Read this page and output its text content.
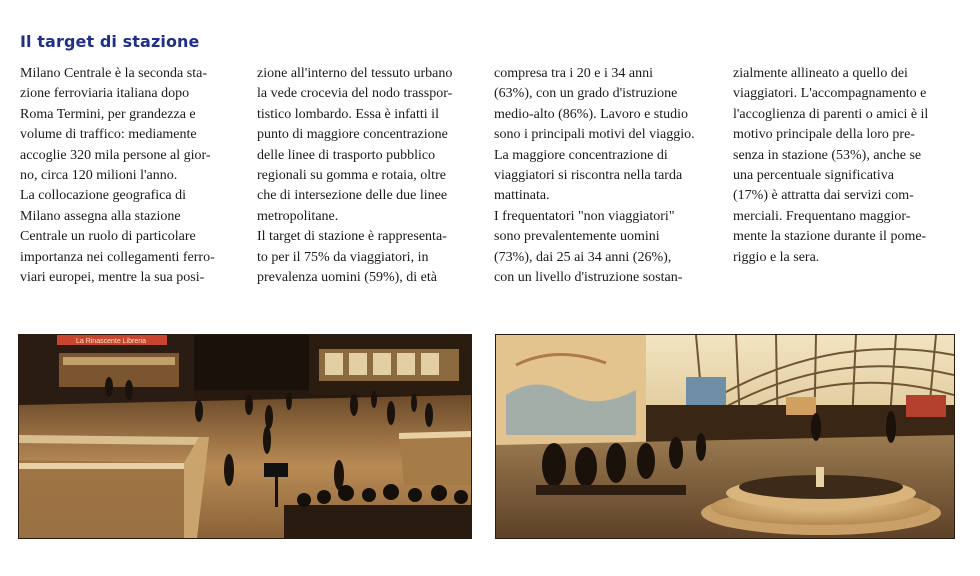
Il target di stazione

Milano Centrale è la seconda sta-
zione ferroviaria italiana dopo
Roma Termini, per grandezza e
volume di traffico: mediamente
accoglie 320 mila persone al gior-
no, circa 120 milioni l'anno.
La collocazione geografica di
Milano assegna alla stazione
Centrale un ruolo di particolare
importanza nei collegamenti ferro-
viari europei, mentre la sua posi-

zione all'interno del tessuto urbano
la vede crocevia del nodo trasspor-
tistico lombardo. Essa è infatti il
punto di maggiore concentrazione
delle linee di trasporto pubblico
regionali su gomma e rotaia, oltre
che di intersezione delle due linee
metropolitane.
Il target di stazione è rappresenta-
to per il 75% da viaggiatori, in
prevalenza uomini (59%), di età

compresa tra i 20 e i 34 anni
(63%), con un grado d'istruzione
medio-alto (86%). Lavoro e studio
sono i principali motivi del viaggio.
La maggiore concentrazione di
viaggiatori si riscontra nella tarda
mattinata.
I frequentatori "non viaggiatori"
sono prevalentemente uomini
(73%), dai 25 ai 34 anni (26%),
con un livello d'istruzione sostan-

zialmente allineato a quello dei
viaggiatori. L'accompagnamento e
l'accoglienza di parenti o amici è il
motivo principale della loro pre-
senza in stazione (53%), anche se
una percentuale significativa
(17%) è attratta dai servizi com-
merciali. Frequentano maggior-
mente la stazione durante il pome-
riggio e la sera.

La Rinascente Libreria
